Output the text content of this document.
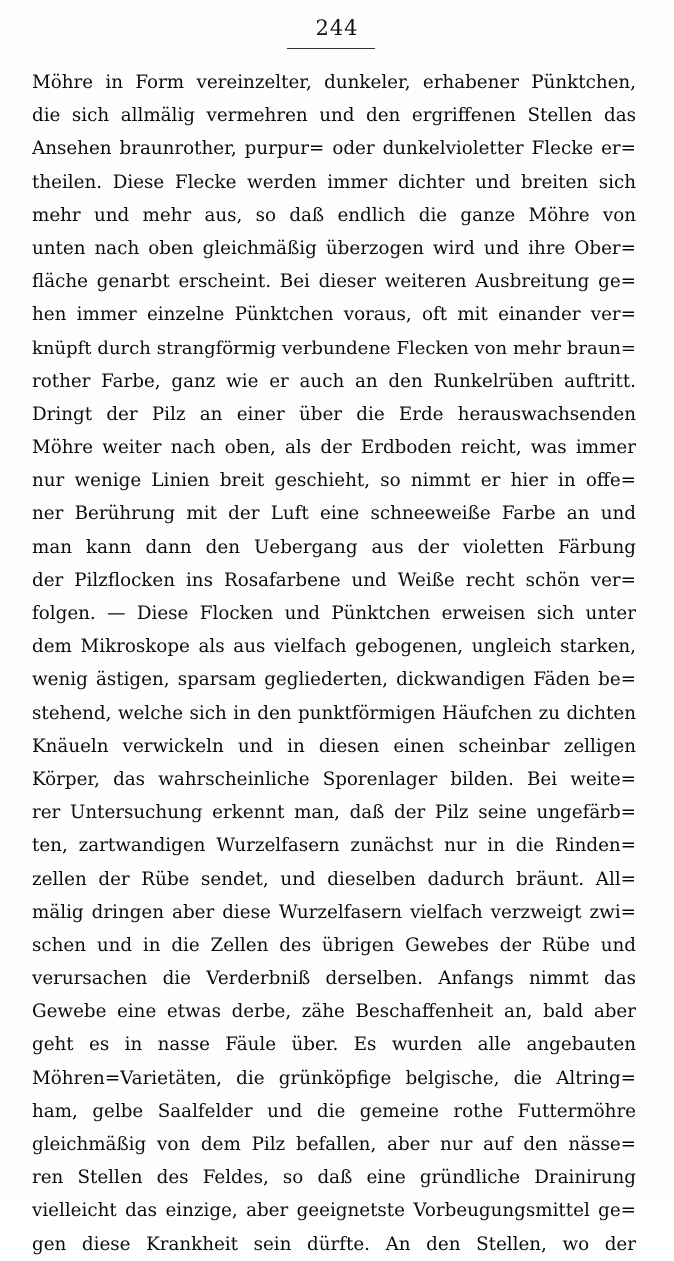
244
Möhre in Form vereinzelter, dunkeler, erhabener Pünktchen,
die sich allmälig vermehren und den ergriffenen Stellen das
Ansehen braunrother, purpur= oder dunkelvioletter Flecke er=
theilen. Diese Flecke werden immer dichter und breiten sich
mehr und mehr aus, so daß endlich die ganze Möhre von
unten nach oben gleichmäßig überzogen wird und ihre Ober=
fläche genarbt erscheint. Bei dieser weiteren Ausbreitung ge=
hen immer einzelne Pünktchen voraus, oft mit einander ver=
knüpft durch strangförmig verbundene Flecken von mehr braun=
rother Farbe, ganz wie er auch an den Runkelrüben auftritt.
Dringt der Pilz an einer über die Erde herauswachsenden
Möhre weiter nach oben, als der Erdboden reicht, was immer
nur wenige Linien breit geschieht, so nimmt er hier in offe=
ner Berührung mit der Luft eine schneeweiße Farbe an und
man kann dann den Uebergang aus der violetten Färbung
der Pilzflocken ins Rosafarbene und Weiße recht schön ver=
folgen. — Diese Flocken und Pünktchen erweisen sich unter
dem Mikroskope als aus vielfach gebogenen, ungleich starken,
wenig ästigen, sparsam gegliederten, dickwandigen Fäden be=
stehend, welche sich in den punktförmigen Häufchen zu dichten
Knäueln verwickeln und in diesen einen scheinbar zelligen
Körper, das wahrscheinliche Sporenlager bilden. Bei weite=
rer Untersuchung erkennt man, daß der Pilz seine ungefärb=
ten, zartwandigen Wurzelfasern zunächst nur in die Rinden=
zellen der Rübe sendet, und dieselben dadurch bräunt. All=
mälig dringen aber diese Wurzelfasern vielfach verzweigt zwi=
schen und in die Zellen des übrigen Gewebes der Rübe und
verursachen die Verderbniß derselben. Anfangs nimmt das
Gewebe eine etwas derbe, zähe Beschaffenheit an, bald aber
geht es in nasse Fäule über. Es wurden alle angebauten
Möhren=Varietäten, die grünköpfige belgische, die Altring=
ham, gelbe Saalfelder und die gemeine rothe Futtermöhre
gleichmäßig von dem Pilz befallen, aber nur auf den nässe=
ren Stellen des Feldes, so daß eine gründliche Drainirung
vielleicht das einzige, aber geeignetste Vorbeugungsmittel ge=
gen diese Krankheit sein dürfte. An den Stellen, wo der
